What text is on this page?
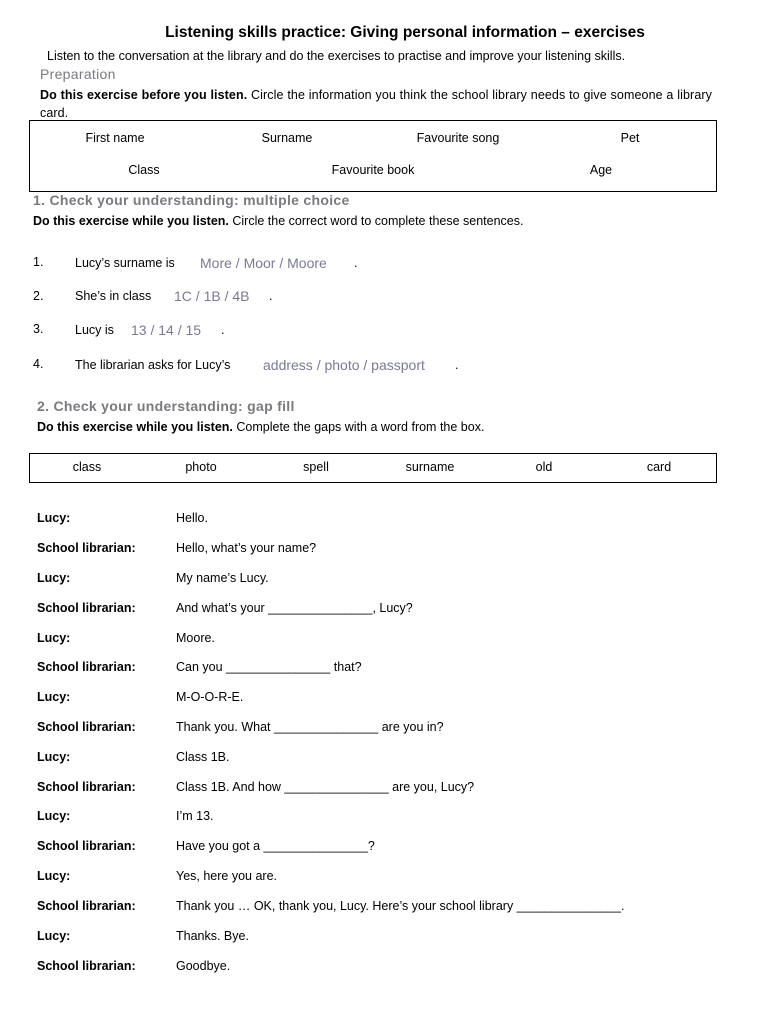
Listening skills practice: Giving personal information – exercises
Listen to the conversation at the library and do the exercises to practise and improve your listening skills.
Preparation
Do this exercise before you listen. Circle the information you think the school library needs to give someone a library card.
First name	Surname	Favourite song	Pet
Class	Favourite book	Age
1. Check your understanding: multiple choice
Do this exercise while you listen. Circle the correct word to complete these sentences.
1.	Lucy’s surname is More / Moor / Moore .
2.	She’s in class 1C / 1B / 4B .
3.	Lucy is 13 / 14 / 15 .
4.	The librarian asks for Lucy’s address / photo / passport .
2. Check your understanding: gap fill
Do this exercise while you listen. Complete the gaps with a word from the box.
class	photo	spell	surname	old	card
Lucy:	Hello.
School librarian:	Hello, what’s your name?
Lucy:	My name’s Lucy.
School librarian:	And what’s your _______________, Lucy?
Lucy:	Moore.
School librarian:	Can you _______________ that?
Lucy:	M-O-O-R-E.
School librarian:	Thank you. What _______________ are you in?
Lucy:	Class 1B.
School librarian:	Class 1B. And how _______________ are you, Lucy?
Lucy:	I’m 13.
School librarian:	Have you got a _______________?
Lucy:	Yes, here you are.
School librarian:	Thank you … OK, thank you, Lucy. Here’s your school library _______________.
Lucy:	Thanks. Bye.
School librarian:	Goodbye.
